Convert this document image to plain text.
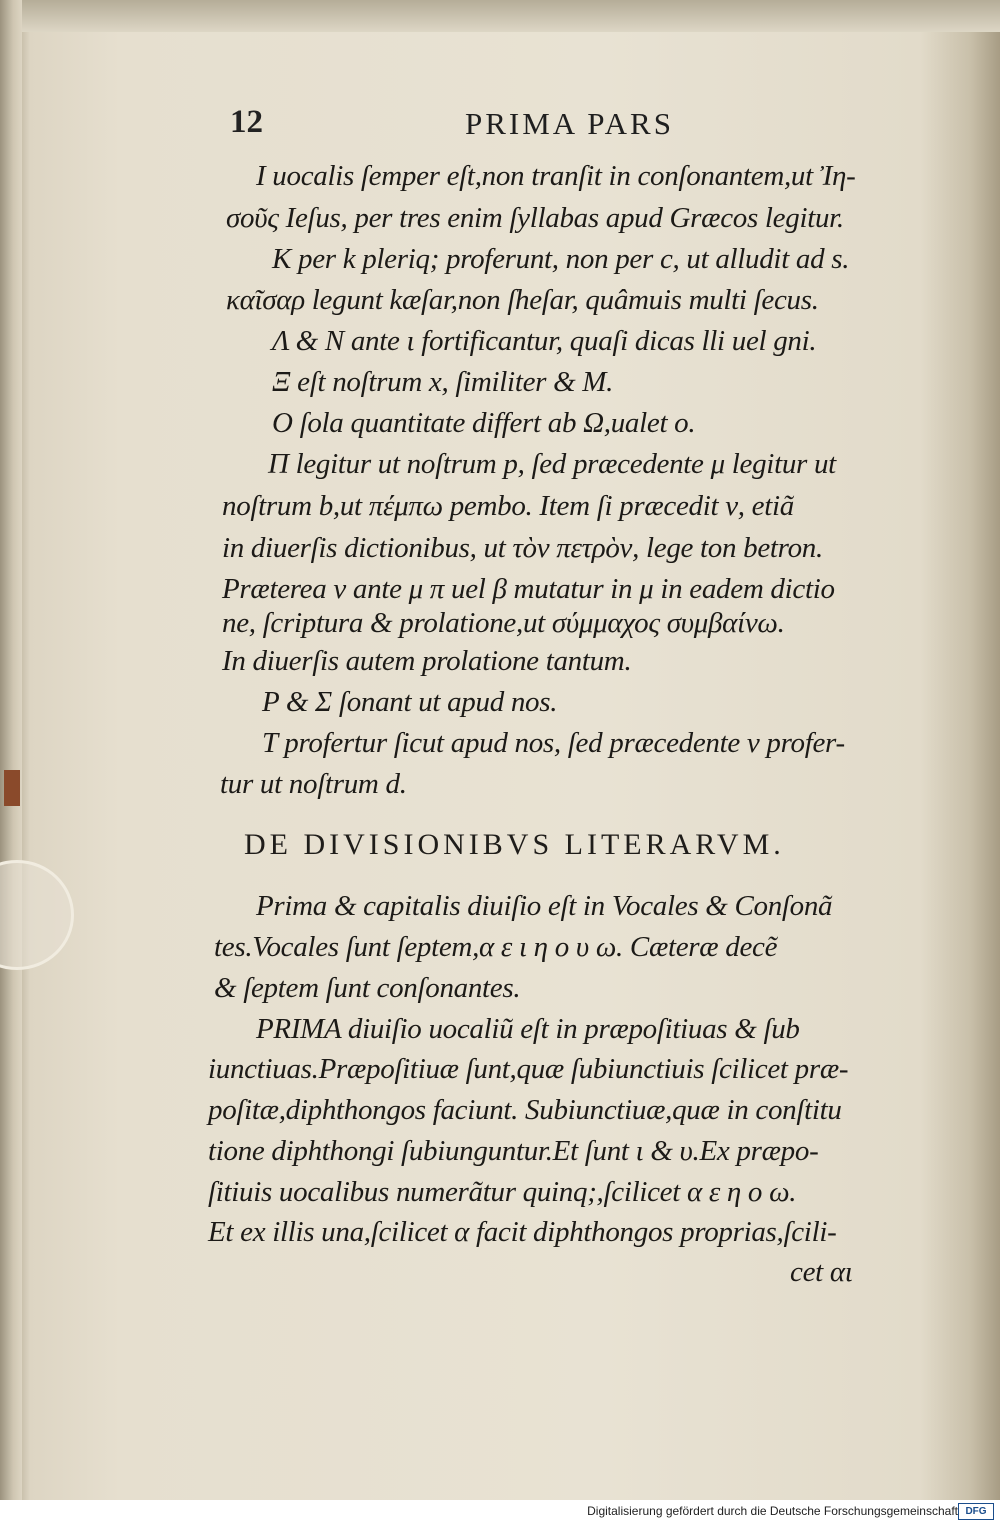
12	PRIMA PARS
I uocalis ſemper eſt,non tranſit in conſonantem,ut Ἰη-
σοῦς Ieſus, per tres enim ſyllabas apud Græcos legitur.
K per k pleriq; proferunt, non per c, ut alludit ad s.
καῖσαρ legunt kæſar,non ſheſar, quâmuis multi ſecus.
Λ & N ante ι fortificantur, quaſi dicas lli uel gni.
Ξ eſt noſtrum x, ſimiliter & M.
O ſola quantitate differt ab Ω,ualet o.
Π legitur ut noſtrum p, ſed præcedente μ legitur ut
noſtrum b,ut πέμπω pembo. Item ſi præcedit ν, etiã
in diuerſis dictionibus, ut τὸν πετρὸν, lege ton betron.
Præterea ν ante μ π uel β mutatur in μ in eadem dictio
ne, ſcriptura & prolatione,ut σύμμαχος συμβαίνω.
In diuerſis autem prolatione tantum.
P & Σ ſonant ut apud nos.
T profertur ſicut apud nos, ſed præcedente ν profer-
tur ut noſtrum d.
DE DIVISIONIBVS LITERARVM.
Prima & capitalis diuiſio eſt in Vocales & Conſonã
tes.Vocales ſunt ſeptem,α ε ι η ο υ ω. Cæteræ decẽ
& ſeptem ſunt conſonantes.
PRIMA diuiſio uocaliũ eſt in præpoſitiuas & ſub
iunctiuas.Præpoſitiuæ ſunt,quæ ſubiunctiuis ſcilicet præ-
poſitæ,diphthongos faciunt. Subiunctiuæ,quæ in conſtitu
tione diphthongi ſubiunguntur.Et ſunt ι & υ.Ex præpo-
ſitiuis uocalibus numerãtur quinq;,ſcilicet α ε η ο ω.
Et ex illis una,ſcilicet α facit diphthongos proprias,ſcili-
cet αι
Digitalisierung gefördert durch die Deutsche Forschungsgemeinschaft DFG
